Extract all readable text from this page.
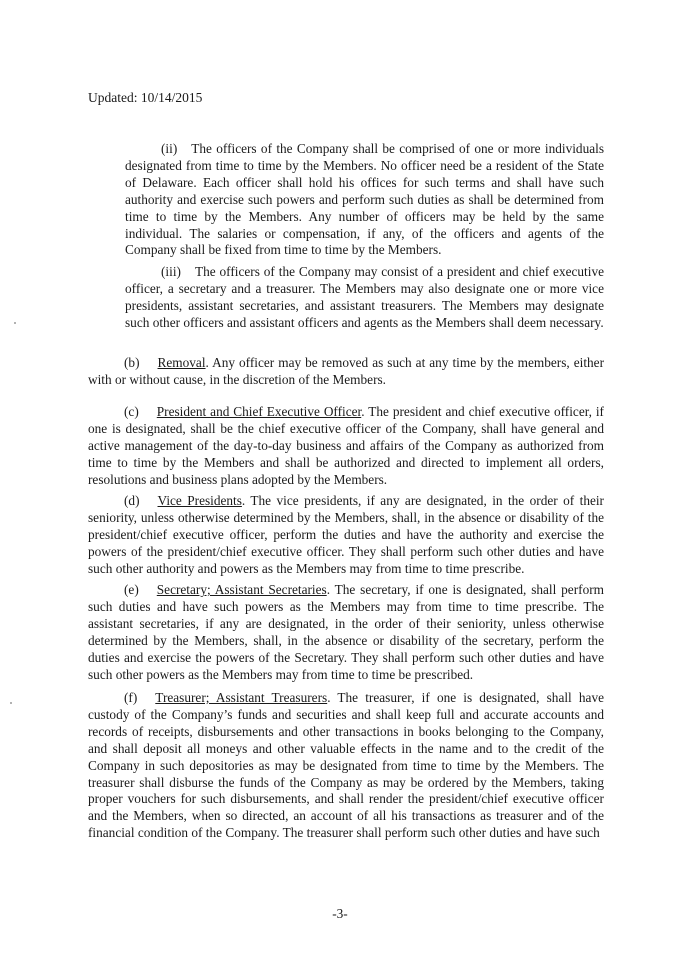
Updated: 10/14/2015

(ii) The officers of the Company shall be comprised of one or more individuals designated from time to time by the Members. No officer need be a resident of the State of Delaware. Each officer shall hold his offices for such terms and shall have such authority and exercise such powers and perform such duties as shall be determined from time to time by the Members. Any number of officers may be held by the same individual. The salaries or compensation, if any, of the officers and agents of the Company shall be fixed from time to time by the Members.

(iii) The officers of the Company may consist of a president and chief executive officer, a secretary and a treasurer. The Members may also designate one or more vice presidents, assistant secretaries, and assistant treasurers. The Members may designate such other officers and assistant officers and agents as the Members shall deem necessary.

(b) Removal. Any officer may be removed as such at any time by the members, either with or without cause, in the discretion of the Members.

(c) President and Chief Executive Officer. The president and chief executive officer, if one is designated, shall be the chief executive officer of the Company, shall have general and active management of the day-to-day business and affairs of the Company as authorized from time to time by the Members and shall be authorized and directed to implement all orders, resolutions and business plans adopted by the Members.

(d) Vice Presidents. The vice presidents, if any are designated, in the order of their seniority, unless otherwise determined by the Members, shall, in the absence or disability of the president/chief executive officer, perform the duties and have the authority and exercise the powers of the president/chief executive officer. They shall perform such other duties and have such other authority and powers as the Members may from time to time prescribe.

(e) Secretary; Assistant Secretaries. The secretary, if one is designated, shall perform such duties and have such powers as the Members may from time to time prescribe. The assistant secretaries, if any are designated, in the order of their seniority, unless otherwise determined by the Members, shall, in the absence or disability of the secretary, perform the duties and exercise the powers of the Secretary. They shall perform such other duties and have such other powers as the Members may from time to time be prescribed.

(f) Treasurer; Assistant Treasurers. The treasurer, if one is designated, shall have custody of the Company’s funds and securities and shall keep full and accurate accounts and records of receipts, disbursements and other transactions in books belonging to the Company, and shall deposit all moneys and other valuable effects in the name and to the credit of the Company in such depositories as may be designated from time to time by the Members. The treasurer shall disburse the funds of the Company as may be ordered by the Members, taking proper vouchers for such disbursements, and shall render the president/chief executive officer and the Members, when so directed, an account of all his transactions as treasurer and of the financial condition of the Company. The treasurer shall perform such other duties and have such

-3-
